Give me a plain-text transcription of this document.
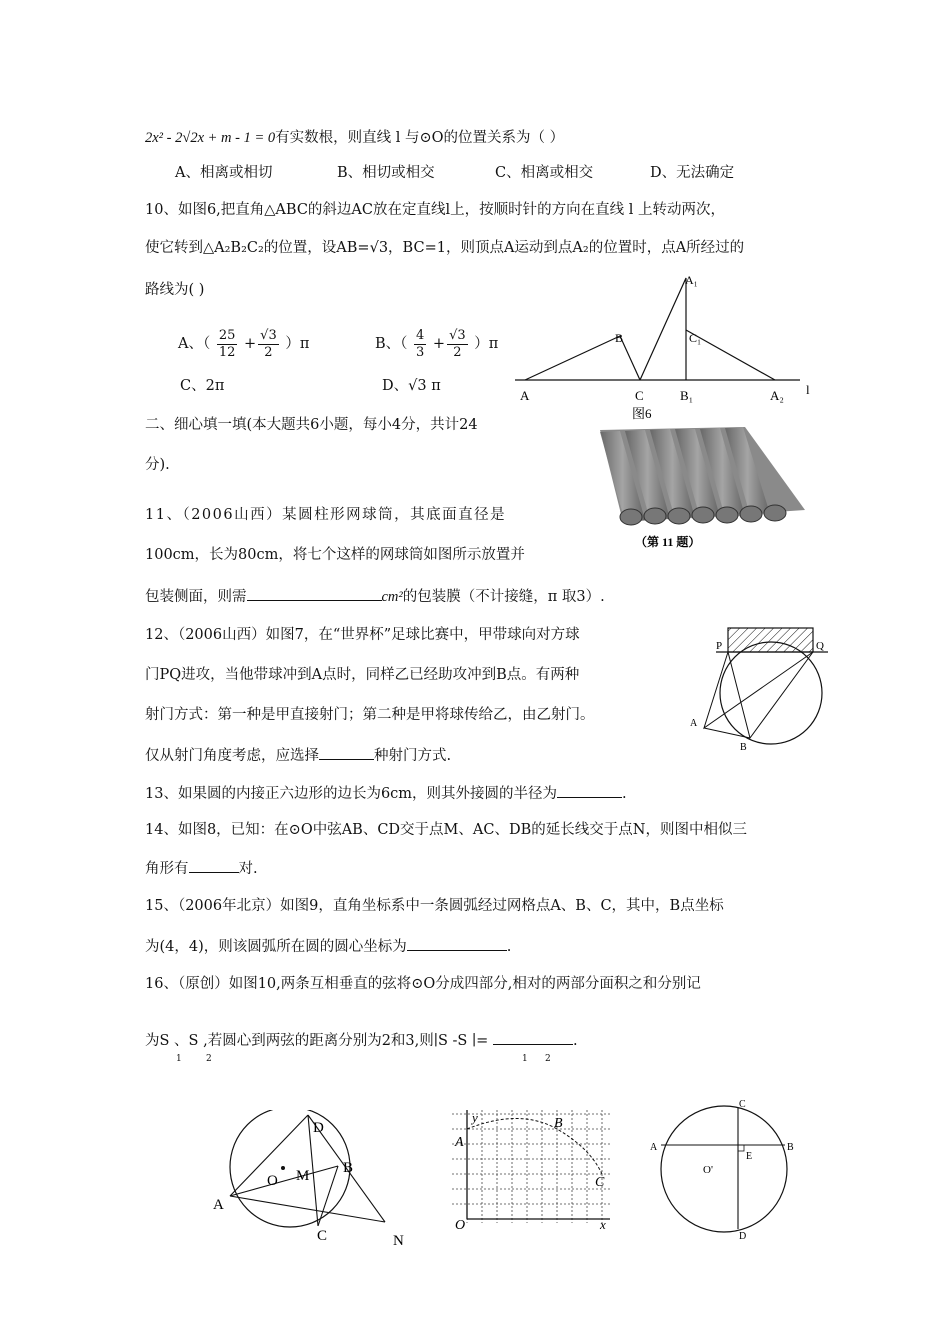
2x² - 2√2x + m - 1 = 0有实数根，则直线 l 与⊙O的位置关系为（ ）
A、相离或相切	B、相切或相交	C、相离或相交	D、无法确定
10、如图6,把直角△ABC的斜边AC放在定直线l上，按顺时针的方向在直线 l 上转动两次，
使它转到△A₂B₂C₂的位置，设AB=√3，BC=1，则顶点A运动到点A₂的位置时，点A所经过的
路线为( )
A、（ $\frac{25}{12} + \frac{√3}{2} )\pi$	B、（ $\frac{4}{3} + \frac{√3}{2} )\pi$
C、2π	D、√3 π
A
B
C	B₁
A₁
C₁
A₂ l
图6
二、细心填一填(本大题共6小题，每小4分，共计24
分).
11、（2006山西）某圆柱形网球筒，其底面直径是
100cm，长为80cm，将七个这样的网球筒如图所示放置并
包装侧面，则需	cm²的包装膜（不计接缝，π 取3）.
（第 11 题）
12、（2006山西）如图7，在“世界杯”足球比赛中，甲带球向对方球
门PQ进攻，当他带球冲到A点时，同样乙已经助攻冲到B点。有两种
射门方式：第一种是甲直接射门；第二种是甲将球传给乙，由乙射门。
仅从射门角度考虑，应选择	种射门方式.
P	Q
A
B
13、如果圆的内接正六边形的边长为6cm，则其外接圆的半径为	.
14、如图8，已知：在⊙O中弦AB、CD交于点M、AC、DB的延长线交于点N，则图中相似三
角形有	对.
15、（2006年北京）如图9，直角坐标系中一条圆弧经过网格点A、B、C，其中，B点坐标
为(4，4)，则该圆弧所在圆的圆心坐标为	.
16、（原创）如图10,两条互相垂直的弦将⊙O分成四部分,相对的两部分面积之和分别记
为S 、S ,若圆心到两弦的距离分别为2和3,则∣S -S ∣=	.
1	2	1 2
D
B
O M
A
C	N
y
A
B
C
O	x
A	B
C
D
E
O'
